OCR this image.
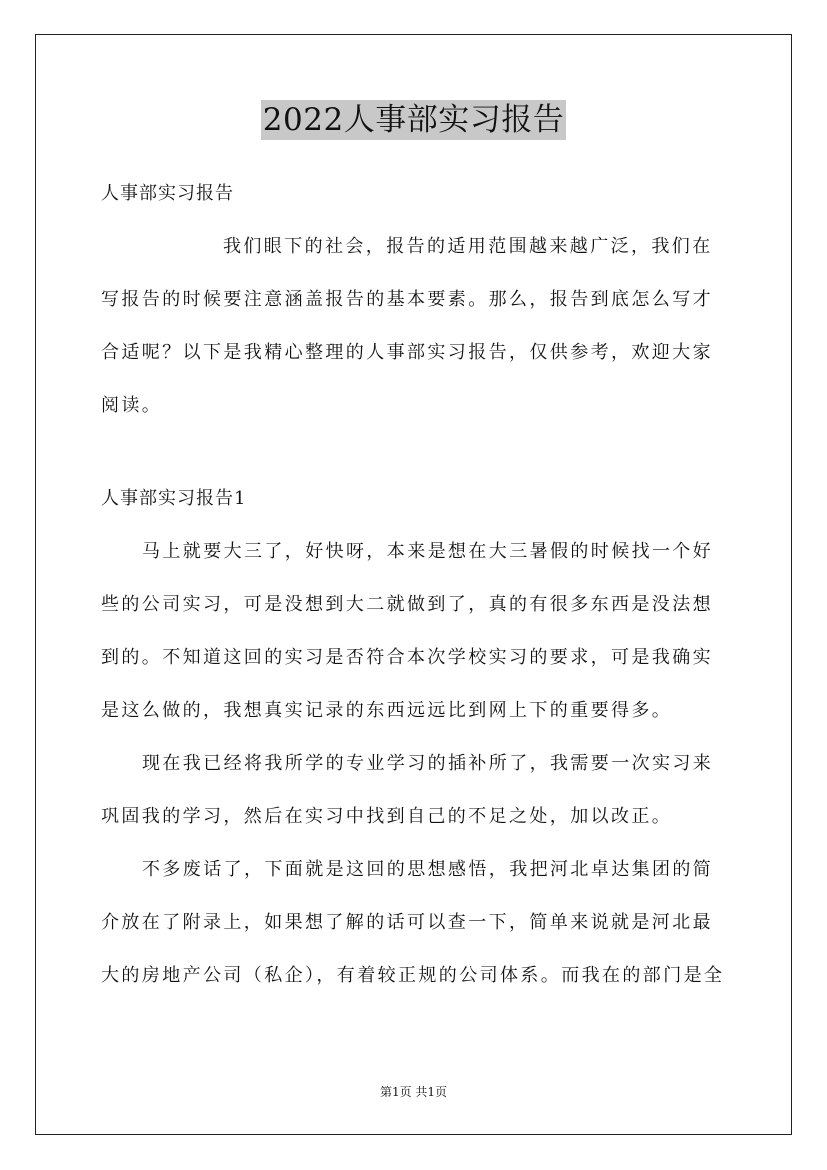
2022人事部实习报告
人事部实习报告
我们眼下的社会，报告的适用范围越来越广泛，我们在
写报告的时候要注意涵盖报告的基本要素。那么，报告到底怎么写才
合适呢？以下是我精心整理的人事部实习报告，仅供参考，欢迎大家
阅读。
人事部实习报告1
马上就要大三了，好快呀，本来是想在大三暑假的时候找一个好
些的公司实习，可是没想到大二就做到了，真的有很多东西是没法想
到的。不知道这回的实习是否符合本次学校实习的要求，可是我确实
是这么做的，我想真实记录的东西远远比到网上下的重要得多。
现在我已经将我所学的专业学习的插补所了，我需要一次实习来
巩固我的学习，然后在实习中找到自己的不足之处，加以改正。
不多废话了，下面就是这回的思想感悟，我把河北卓达集团的简
介放在了附录上，如果想了解的话可以查一下，简单来说就是河北最
大的房地产公司（私企），有着较正规的公司体系。而我在的部门是全
第1页 共1页
